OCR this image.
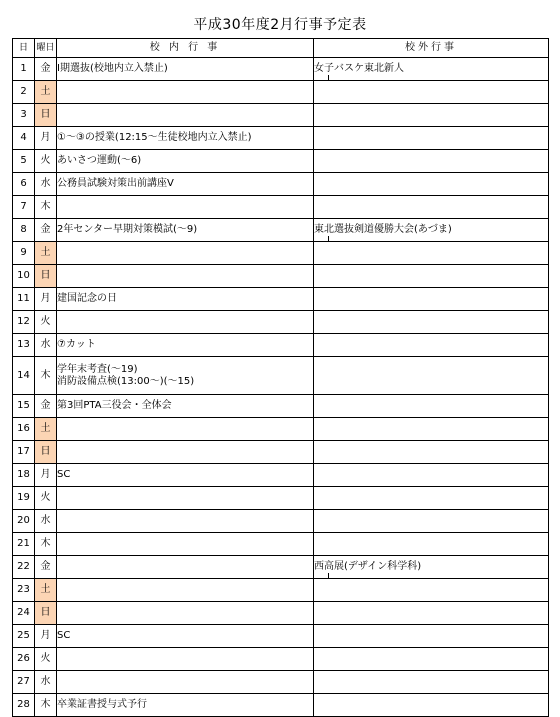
平成30年度2月行事予定表
日	曜日	校 内 行 事	校外行事
1	金	Ⅰ期選抜(校地内立入禁止)	女子バスケ東北新人

2	土		
3	日		
4	月	①～③の授業(12:15～生徒校地内立入禁止)	
5	火	あいさつ運動(～6)	
6	水	公務員試験対策出前講座Ⅴ	
7	木		
8	金	2年センター早期対策模試(～9)	東北選抜剣道優勝大会(あづま)

9	土		
10	日		
11	月	建国記念の日	
12	火		
13	水	⑦カット	
14	木	学年末考査(～19)
消防設備点検(13:00～)(～15)	

15	金	第3回PTA三役会・全体会	
16	土		
17	日		
18	月	SC	
19	火		
20	水		
21	木		
22	金		西高展(デザイン科学科)

23	土		
24	日		
25	月	SC	
26	火		
27	水		
28	木	卒業証書授与式予行	
